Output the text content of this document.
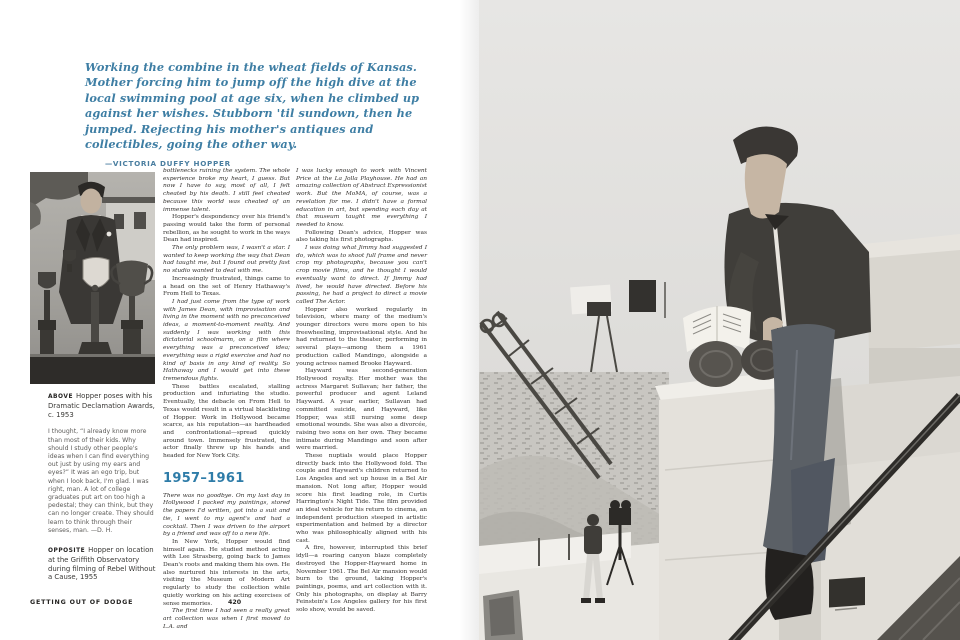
Working the combine in the wheat fields of Kansas. Mother forcing him to jump off the high dive at the local swimming pool at age six, when he climbed up against her wishes. Stubborn 'til sundown, then he jumped. Rejecting his mother's antiques and collectibles, going the other way.

—VICTORIA DUFFY HOPPER

ABOVE Hopper poses with his Dramatic Declamation Awards, c. 1953

I thought, “I already know more than most of their kids. Why should I study other people's ideas when I can find everything out just by using my ears and eyes?” It was an ego trip, but when I look back, I'm glad. I was right, man. A lot of college graduates put art on too high a pedestal; they can think, but they can no longer create. They should learn to think through their senses, man. —D. H.

OPPOSITE Hopper on location at the Griffith Observatory during filming of Rebel Without a Cause, 1955

bottlenecks ruining the system. The whole experience broke my heart, I guess. But now I have to say, most of all, I felt cheated by his death. I still feel cheated because this world was cheated of an immense talent.

Hopper's despondency over his friend's passing would take the form of personal rebellion, as he sought to work in the ways Dean had inspired.

The only problem was, I wasn't a star. I wanted to keep working the way that Dean had taught me, but I found out pretty fast no studio wanted to deal with me.

Increasingly frustrated, things came to a head on the set of Henry Hathaway's From Hell to Texas.

I had just come from the type of work with James Dean, with improvisation and living in the moment with no preconceived ideas, a moment-to-moment reality. And suddenly I was working with this dictatorial schoolmarm, on a film where everything was a preconceived idea; everything was a rigid exercise and had no kind of basis in any kind of reality. So Hathaway and I would get into these tremendous fights.

These battles escalated, stalling production and infuriating the studio. Eventually, the debacle on From Hell to Texas would result in a virtual blacklisting of Hopper. Work in Hollywood became scarce, as his reputation—as hardheaded and confrontational—spread quickly around town. Immensely frustrated, the actor finally threw up his hands and headed for New York City.

1957–1961

There was no goodbye. On my last day in Hollywood I packed my paintings, stored the papers I'd written, got into a suit and tie, I went to my agent's and had a cocktail. Then I was driven to the airport by a friend and was off to a new life.

In New York, Hopper would find himself again. He studied method acting with Lee Strasberg, going back to James Dean's roots and making them his own. He also nurtured his interests in the arts, visiting the Museum of Modern Art regularly to study the collection while quietly working on his acting exercises of sense memories.

The first time I had seen a really great art collection was when I first moved to L.A. and

I was lucky enough to work with Vincent Price at the La Jolla Playhouse. He had an amazing collection of Abstract Expressionist work. But the MoMA, of course, was a revelation for me. I didn't have a formal education in art, but spending each day at that museum taught me everything I needed to know.

Following Dean's advice, Hopper was also taking his first photographs.

I was doing what Jimmy had suggested I do, which was to shoot full frame and never crop my photographs, because you can't crop movie films, and he thought I would eventually want to direct. If Jimmy had lived, he would have directed. Before his passing, he had a project to direct a movie called The Actor.

Hopper also worked regularly in television, where many of the medium's younger directors were more open to his freewheeling, improvisational style. And he had returned to the theater, performing in several plays—among them a 1961 production called Mandingo, alongside a young actress named Brooke Hayward.

Hayward was second-generation Hollywood royalty. Her mother was the actress Margaret Sullavan; her father, the powerful producer and agent Leland Hayward. A year earlier, Sullavan had committed suicide, and Hayward, like Hopper, was still nursing some deep emotional wounds. She was also a divorcée, raising two sons on her own. They became intimate during Mandingo and soon after were married.

These nuptials would place Hopper directly back into the Hollywood fold. The couple and Hayward's children returned to Los Angeles and set up house in a Bel Air mansion. Not long after, Hopper would score his first leading role, in Curtis Harrington's Night Tide. The film provided an ideal vehicle for his return to cinema, an independent production steeped in artistic experimentation and helmed by a director who was philosophically aligned with his cast.

A fire, however, interrupted this brief idyll—a roaring canyon blaze completely destroyed the Hopper-Hayward home in November 1961. The Bel Air mansion would burn to the ground, taking Hopper's paintings, poems, and art collection with it. Only his photographs, on display at Barry Feinstein's Los Angeles gallery for his first solo show, would be saved.

GETTING OUT OF DODGE	420
